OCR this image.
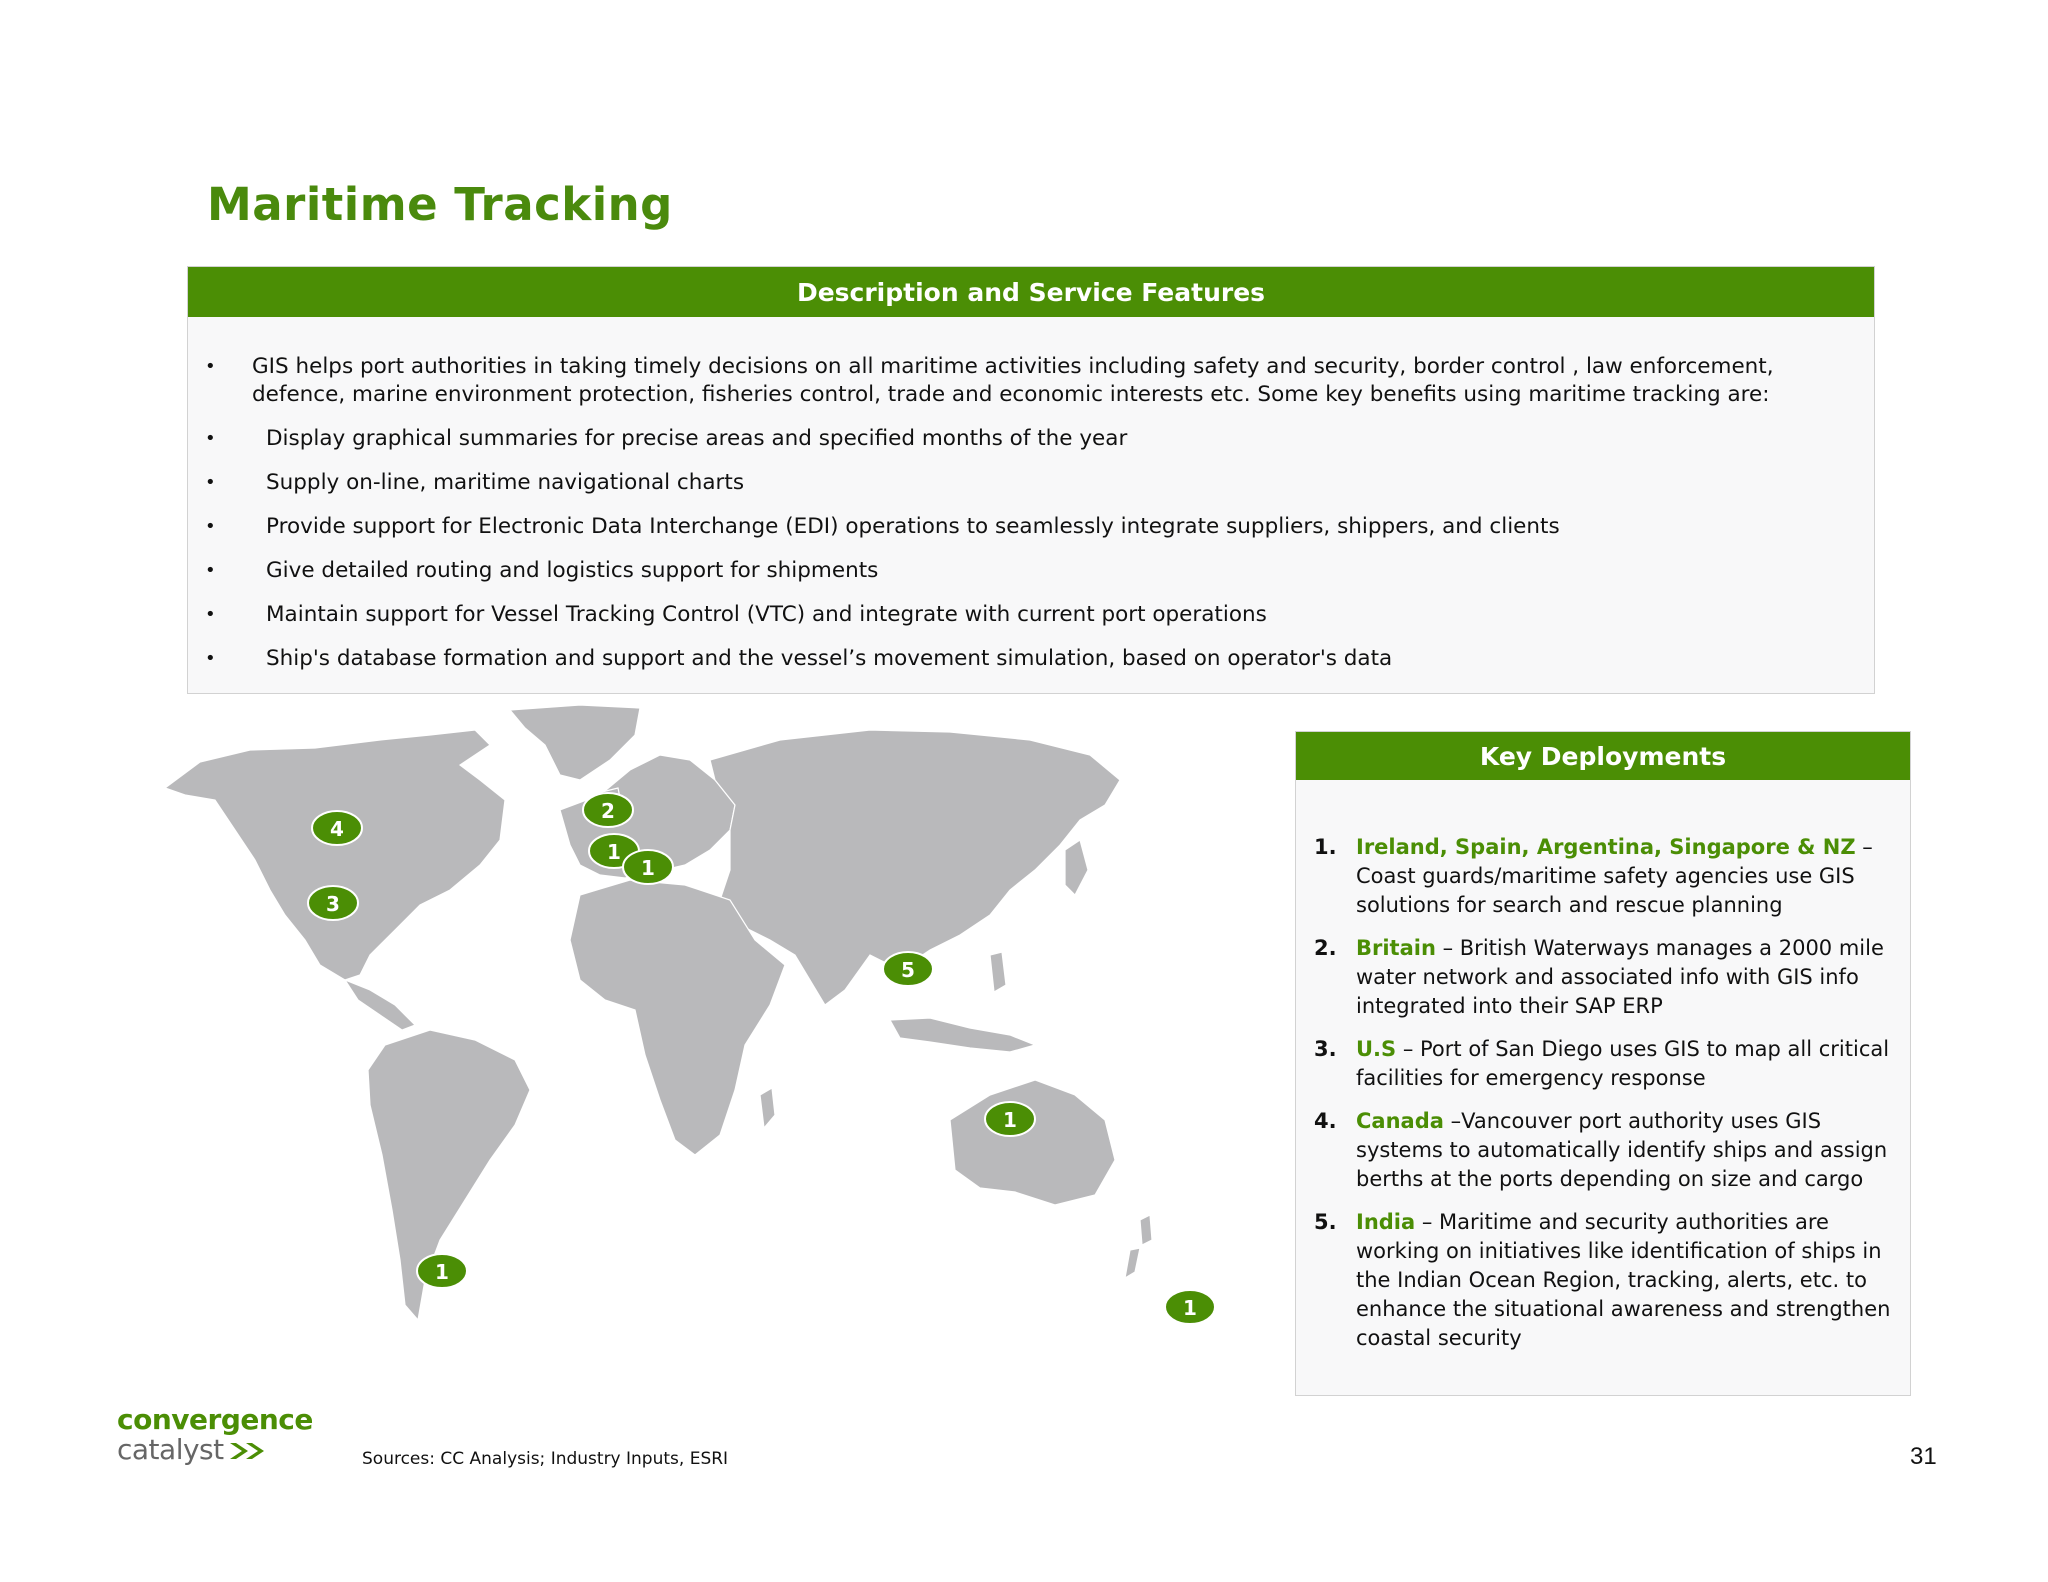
Maritime Tracking
Description and Service Features
• GIS helps port authorities in taking timely decisions on all maritime activities including safety and security, border control , law enforcement, defence, marine environment protection, fisheries control, trade and economic interests etc. Some key benefits using maritime tracking are:
• Display graphical summaries for precise areas and specified months of the year
• Supply on-line, maritime navigational charts
• Provide support for Electronic Data Interchange (EDI) operations to seamlessly integrate suppliers, shippers, and clients
• Give detailed routing and logistics support for shipments
• Maintain support for Vessel Tracking Control (VTC) and integrate with current port operations
• Ship's database formation and support and the vessel’s movement simulation, based on operator's data
4
3
2
1
1
5
1
1
1
Key Deployments
1. Ireland, Spain, Argentina, Singapore & NZ – Coast guards/maritime safety agencies use GIS solutions for search and rescue planning
2. Britain – British Waterways manages a 2000 mile water network and associated info with GIS info integrated into their SAP ERP
3. U.S – Port of San Diego uses GIS to map all critical facilities for emergency response
4. Canada –Vancouver port authority uses GIS systems to automatically identify ships and assign berths at the ports depending on size and cargo
5. India – Maritime and security authorities are working on initiatives like identification of ships in the Indian Ocean Region, tracking, alerts, etc. to enhance the situational awareness and strengthen coastal security
convergence
catalyst	Sources: CC Analysis; Industry Inputs, ESRI	31
